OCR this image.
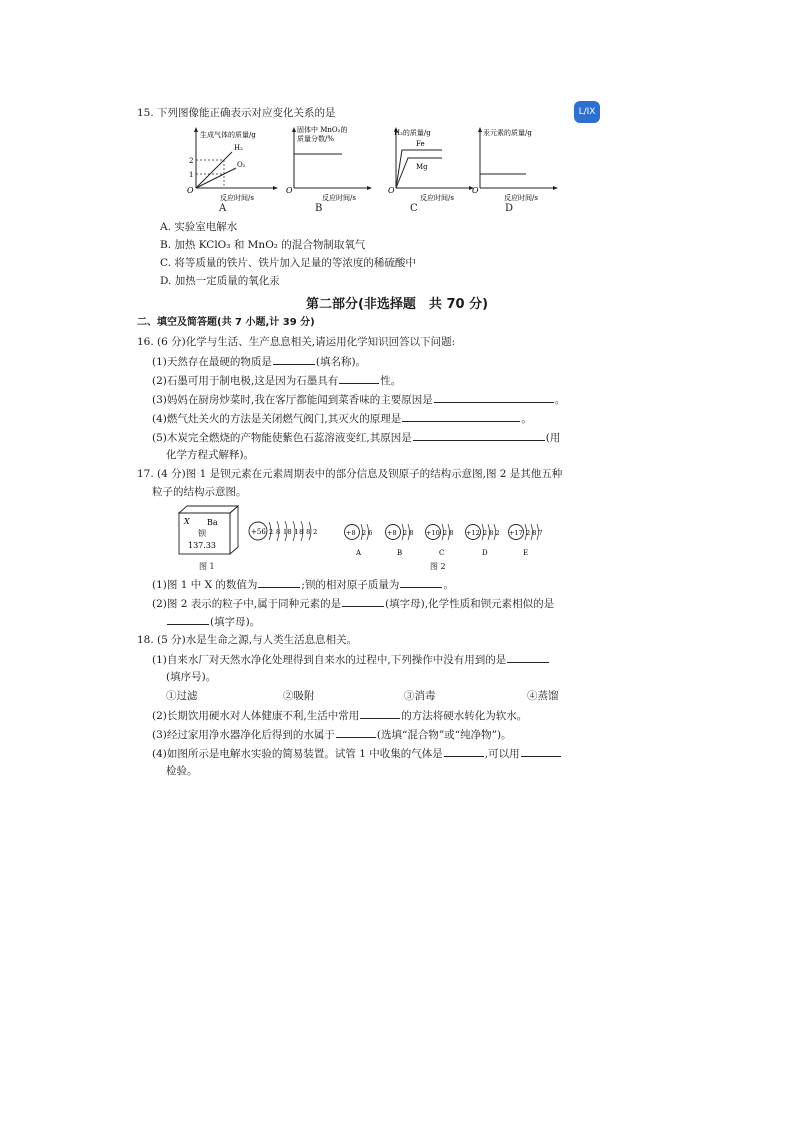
15. 下列图像能正确表示对应变化关系的是	L/IX
生成气体的质量/g
2
1
H₂
O₂
O
反应时间/s
A
固体中 MnO₂的
质量分数/%
O
反应时间/s
B
H₂的质量/g
Fe
Mg
O
反应时间/s
C
汞元素的质量/g
O
反应时间/s
D
A. 实验室电解水
B. 加热 KClO₃ 和 MnO₂ 的混合物制取氧气
C. 将等质量的铁片、铁片加入足量的等浓度的稀硫酸中
D. 加热一定质量的氧化汞
第二部分(非选择题　共 70 分)
二、填空及简答题(共 7 小题,计 39 分)
16. (6 分)化学与生活、生产息息相关,请运用化学知识回答以下问题:
(1)天然存在最硬的物质是	(填名称)。
(2)石墨可用于制电极,这是因为石墨具有	性。
(3)妈妈在厨房炒菜时,我在客厅都能闻到菜香味的主要原因是	。
(4)燃气灶关火的方法是关闭燃气阀门,其灭火的原理是	。
(5)木炭完全燃烧的产物能使紫色石蕊溶液变红,其原因是	(用
化学方程式解释)。
17. (4 分)图 1 是钡元素在元素周期表中的部分信息及钡原子的结构示意图,图 2 是其他五种
粒子的结构示意图。
X Ba
钡
137.33
+56 2 8 18 18 8 2
图 1
+8 2 6
A
+8 2 8
B
+10 2 8
C
+12 2 8 2
D
+17 2 8 7
E
图 2
(1)图 1 中 X 的数值为	;钡的相对原子质量为	。
(2)图 2 表示的粒子中,属于同种元素的是	(填字母),化学性质和钡元素相似的是
(填字母)。
18. (5 分)水是生命之源,与人类生活息息相关。
(1)自来水厂对天然水净化处理得到自来水的过程中,下列操作中没有用到的是
(填序号)。
①过滤	②吸附	③消毒	④蒸馏
(2)长期饮用硬水对人体健康不利,生活中常用	的方法将硬水转化为软水。
(3)经过家用净水器净化后得到的水属于	(选填“混合物”或“纯净物”)。
(4)如图所示是电解水实验的简易装置。试管 1 中收集的气体是	,可以用
检验。
